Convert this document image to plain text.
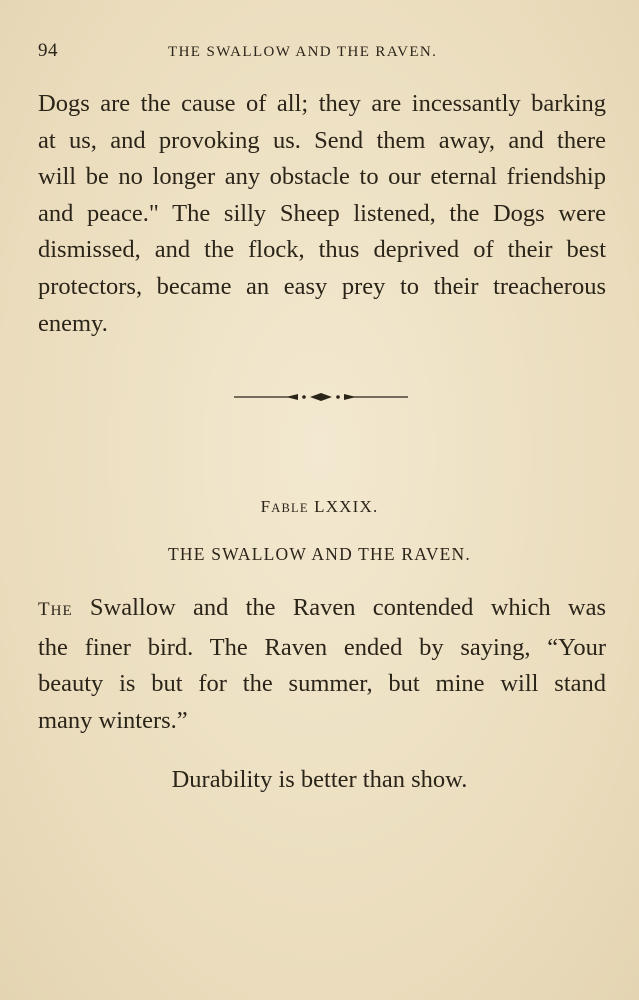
94	THE SWALLOW AND THE RAVEN.
Dogs are the cause of all; they are incessantly barking
at us, and provoking us. Send them away, and there
will be no longer any obstacle to our eternal friendship
and peace." The silly Sheep listened, the Dogs were
dismissed, and the flock, thus deprived of their best
protectors, became an easy prey to their treacherous
enemy.
FABLE LXXIX.
THE SWALLOW AND THE RAVEN.
THE Swallow and the Raven contended which was
the finer bird. The Raven ended by saying, “Your
beauty is but for the summer, but mine will stand
many winters.”
Durability is better than show.
